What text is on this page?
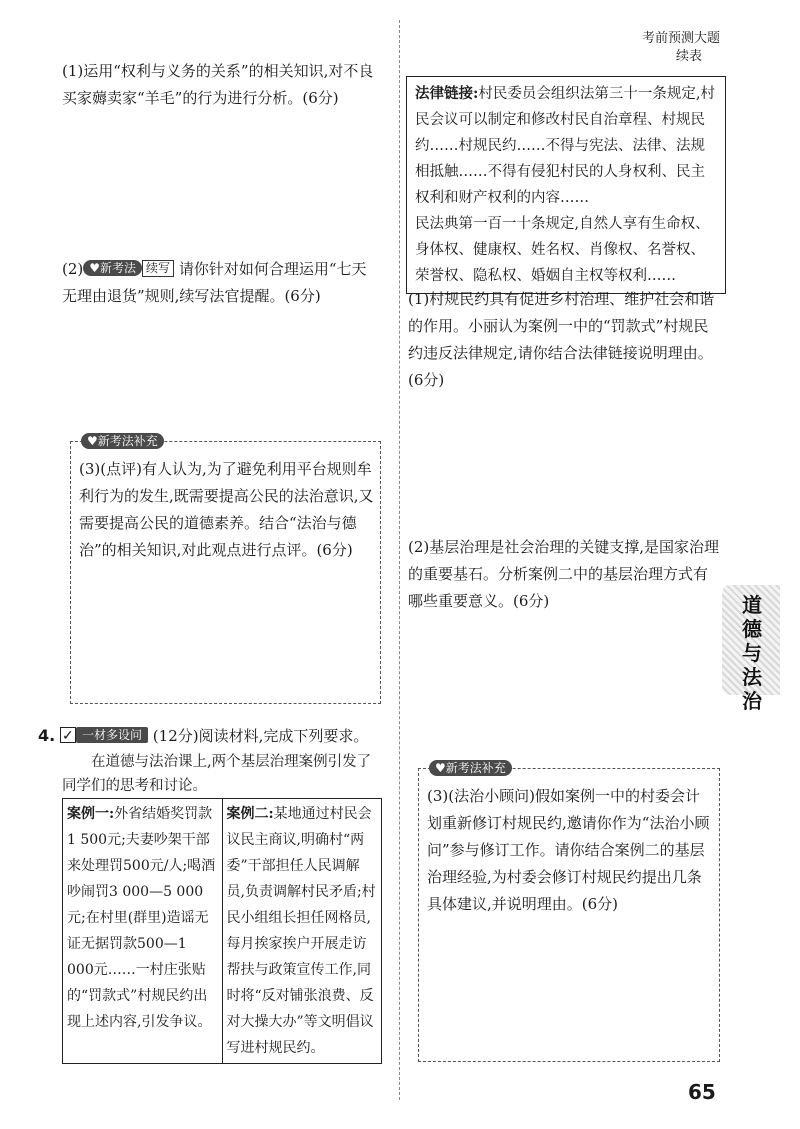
考前预测大题
续表
(1)运用“权利与义务的关系”的相关知识,对不良买家薅卖家“羊毛”的行为进行分析。(6分)
(2) ♥新考法 续写 请你针对如何合理运用“七天无理由退货”规则,续写法官提醒。(6分)
♥新考法补充
(3)(点评)有人认为,为了避免利用平台规则牟利行为的发生,既需要提高公民的法治意识,又需要提高公民的道德素养。结合“法治与德治”的相关知识,对此观点进行点评。(6分)
4. ✓ 一材多设问 (12分)阅读材料,完成下列要求。
在道德与法治课上,两个基层治理案例引发了同学们的思考和讨论。
案例一:外省结婚奖罚款1 500元;夫妻吵架干部来处理罚500元/人;喝酒吵闹罚3 000—5 000元;在村里(群里)造谣无证无据罚款500—1 000元……一村庄张贴的“罚款式”村规民约出现上述内容,引发争议。	案例二:某地通过村民会议民主商议,明确村“两委”干部担任人民调解员,负责调解村民矛盾;村民小组组长担任网格员,每月挨家挨户开展走访帮扶与政策宣传工作,同时将“反对铺张浪费、反对大操大办”等文明倡议写进村规民约。
法律链接:村民委员会组织法第三十一条规定,村民会议可以制定和修改村民自治章程、村规民约……村规民约……不得与宪法、法律、法规相抵触……不得有侵犯村民的人身权利、民主权利和财产权利的内容……
民法典第一百一十条规定,自然人享有生命权、身体权、健康权、姓名权、肖像权、名誉权、荣誉权、隐私权、婚姻自主权等权利……
(1)村规民约具有促进乡村治理、维护社会和谐的作用。小丽认为案例一中的“罚款式”村规民约违反法律规定,请你结合法律链接说明理由。(6分)
(2)基层治理是社会治理的关键支撑,是国家治理的重要基石。分析案例二中的基层治理方式有哪些重要意义。(6分)
♥新考法补充
(3)(法治小顾问)假如案例一中的村委会计划重新修订村规民约,邀请你作为“法治小顾问”参与修订工作。请你结合案例二的基层治理经验,为村委会修订村规民约提出几条具体建议,并说明理由。(6分)
道
德
与
法
治
65
